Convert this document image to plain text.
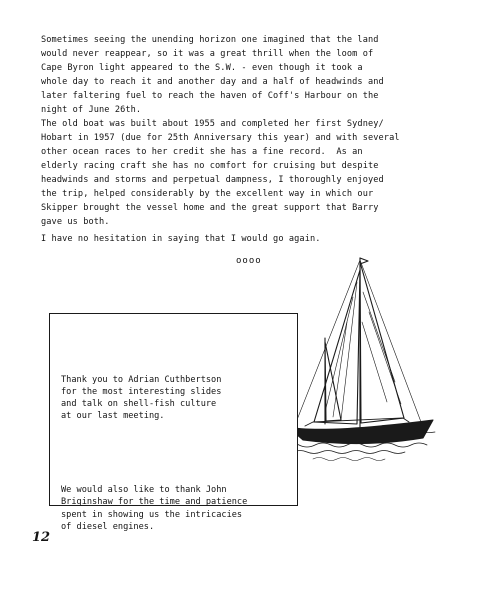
Sometimes seeing the unending horizon one imagined that the land
would never reappear, so it was a great thrill when the loom of
Cape Byron light appeared to the S.W. - even though it took a
whole day to reach it and another day and a half of headwinds and
later faltering fuel to reach the haven of Coff's Harbour on the
night of June 26th.
The old boat was built about 1955 and completed her first Sydney/
Hobart in 1957 (due for 25th Anniversary this year) and with several
other ocean races to her credit she has a fine record.  As an
elderly racing craft she has no comfort for cruising but despite
headwinds and storms and perpetual dampness, I thoroughly enjoyed
the trip, helped considerably by the excellent way in which our
Skipper brought the vessel home and the great support that Barry
gave us both.
I have no hesitation in saying that I would go again.
oooo

Thank you to Adrian Cuthbertson
for the most interesting slides
and talk on shell-fish culture
at our last meeting.

We would also like to thank John
Briginshaw for the time and patience
spent in showing us the intricacies
of diesel engines.

12
